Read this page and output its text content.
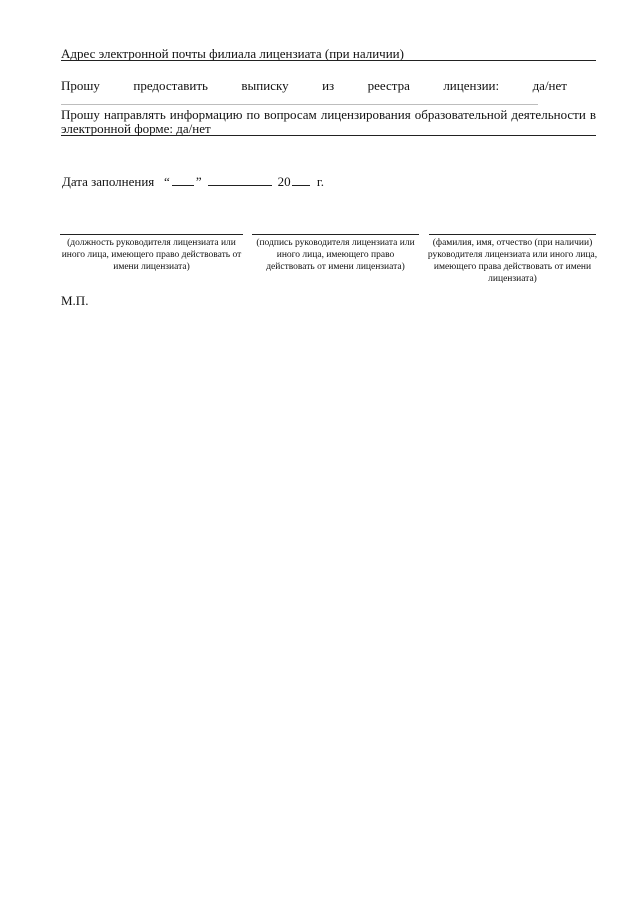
Адрес электронной почты филиала лицензиата (при наличии)
Прошу	предоставить	выписку	из	реестра	лицензии:	да/нет
Прошу направлять информацию по вопросам лицензирования образовательной деятельности в электронной форме: да/нет
Дата заполнения “ ”	20 г.
(должность руководителя лицензиата или иного лица, имеющего право действовать от имени лицензиата)
(подпись руководителя лицензиата или иного лица, имеющего право действовать от имени лицензиата)
(фамилия, имя, отчество (при наличии) руководителя лицензиата или иного лица, имеющего права действовать от имени лицензиата)
М.П.
